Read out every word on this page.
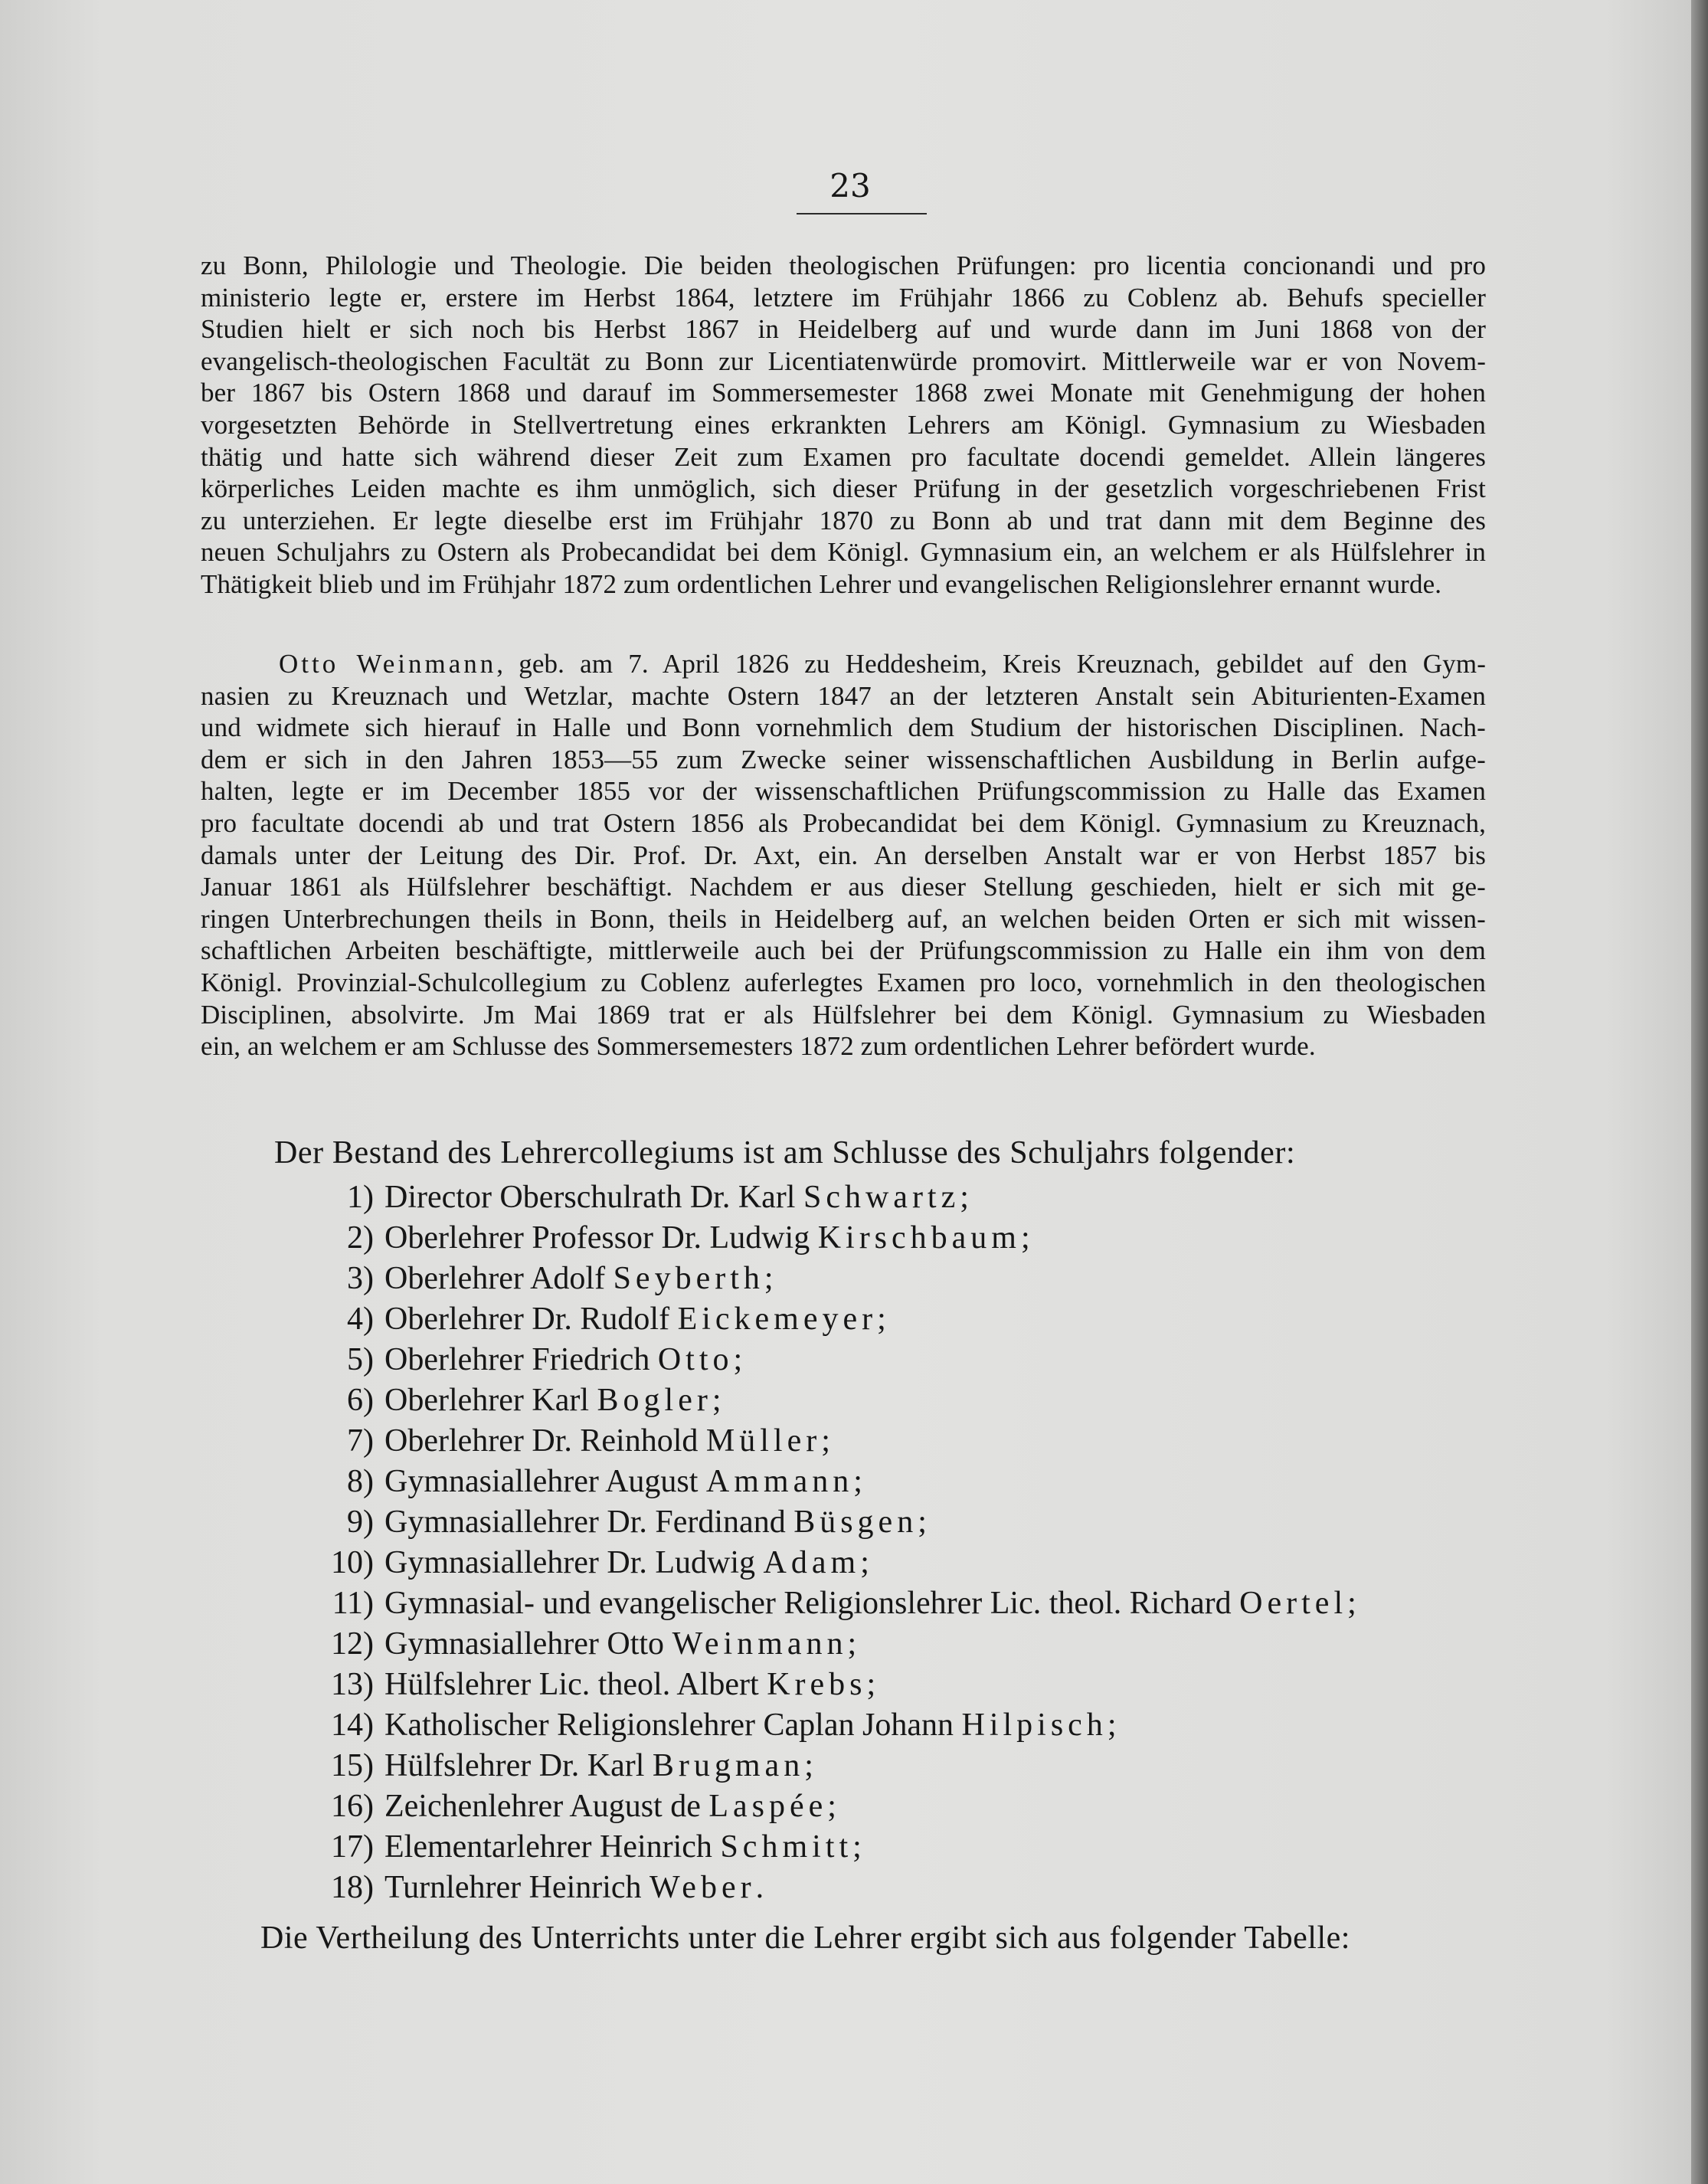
23
zu Bonn, Philologie und Theologie. Die beiden theologischen Prüfungen: pro licentia concionandi und pro
ministerio legte er, erstere im Herbst 1864, letztere im Frühjahr 1866 zu Coblenz ab. Behufs specieller
Studien hielt er sich noch bis Herbst 1867 in Heidelberg auf und wurde dann im Juni 1868 von der
evangelisch-theologischen Facultät zu Bonn zur Licentiatenwürde promovirt. Mittlerweile war er von Novem-
ber 1867 bis Ostern 1868 und darauf im Sommersemester 1868 zwei Monate mit Genehmigung der hohen
vorgesetzten Behörde in Stellvertretung eines erkrankten Lehrers am Königl. Gymnasium zu Wiesbaden
thätig und hatte sich während dieser Zeit zum Examen pro facultate docendi gemeldet. Allein längeres
körperliches Leiden machte es ihm unmöglich, sich dieser Prüfung in der gesetzlich vorgeschriebenen Frist
zu unterziehen. Er legte dieselbe erst im Frühjahr 1870 zu Bonn ab und trat dann mit dem Beginne des
neuen Schuljahrs zu Ostern als Probecandidat bei dem Königl. Gymnasium ein, an welchem er als Hülfslehrer in
Thätigkeit blieb und im Frühjahr 1872 zum ordentlichen Lehrer und evangelischen Religionslehrer ernannt wurde.
Otto Weinmann, geb. am 7. April 1826 zu Heddesheim, Kreis Kreuznach, gebildet auf den Gym-
nasien zu Kreuznach und Wetzlar, machte Ostern 1847 an der letzteren Anstalt sein Abiturienten-Examen
und widmete sich hierauf in Halle und Bonn vornehmlich dem Studium der historischen Disciplinen. Nach-
dem er sich in den Jahren 1853—55 zum Zwecke seiner wissenschaftlichen Ausbildung in Berlin aufge-
halten, legte er im December 1855 vor der wissenschaftlichen Prüfungscommission zu Halle das Examen
pro facultate docendi ab und trat Ostern 1856 als Probecandidat bei dem Königl. Gymnasium zu Kreuznach,
damals unter der Leitung des Dir. Prof. Dr. Axt, ein. An derselben Anstalt war er von Herbst 1857 bis
Januar 1861 als Hülfslehrer beschäftigt. Nachdem er aus dieser Stellung geschieden, hielt er sich mit ge-
ringen Unterbrechungen theils in Bonn, theils in Heidelberg auf, an welchen beiden Orten er sich mit wissen-
schaftlichen Arbeiten beschäftigte, mittlerweile auch bei der Prüfungscommission zu Halle ein ihm von dem
Königl. Provinzial-Schulcollegium zu Coblenz auferlegtes Examen pro loco, vornehmlich in den theologischen
Disciplinen, absolvirte. Jm Mai 1869 trat er als Hülfslehrer bei dem Königl. Gymnasium zu Wiesbaden
ein, an welchem er am Schlusse des Sommersemesters 1872 zum ordentlichen Lehrer befördert wurde.
Der Bestand des Lehrercollegiums ist am Schlusse des Schuljahrs folgender:
1) Director Oberschulrath Dr. Karl Schwartz;
2) Oberlehrer Professor Dr. Ludwig Kirschbaum;
3) Oberlehrer Adolf Seyberth;
4) Oberlehrer Dr. Rudolf Eickemeyer;
5) Oberlehrer Friedrich Otto;
6) Oberlehrer Karl Bogler;
7) Oberlehrer Dr. Reinhold Müller;
8) Gymnasiallehrer August Ammann;
9) Gymnasiallehrer Dr. Ferdinand Büsgen;
10) Gymnasiallehrer Dr. Ludwig Adam;
11) Gymnasial- und evangelischer Religionslehrer Lic. theol. Richard Oertel;
12) Gymnasiallehrer Otto Weinmann;
13) Hülfslehrer Lic. theol. Albert Krebs;
14) Katholischer Religionslehrer Caplan Johann Hilpisch;
15) Hülfslehrer Dr. Karl Brugman;
16) Zeichenlehrer August de Laspée;
17) Elementarlehrer Heinrich Schmitt;
18) Turnlehrer Heinrich Weber.
Die Vertheilung des Unterrichts unter die Lehrer ergibt sich aus folgender Tabelle:
